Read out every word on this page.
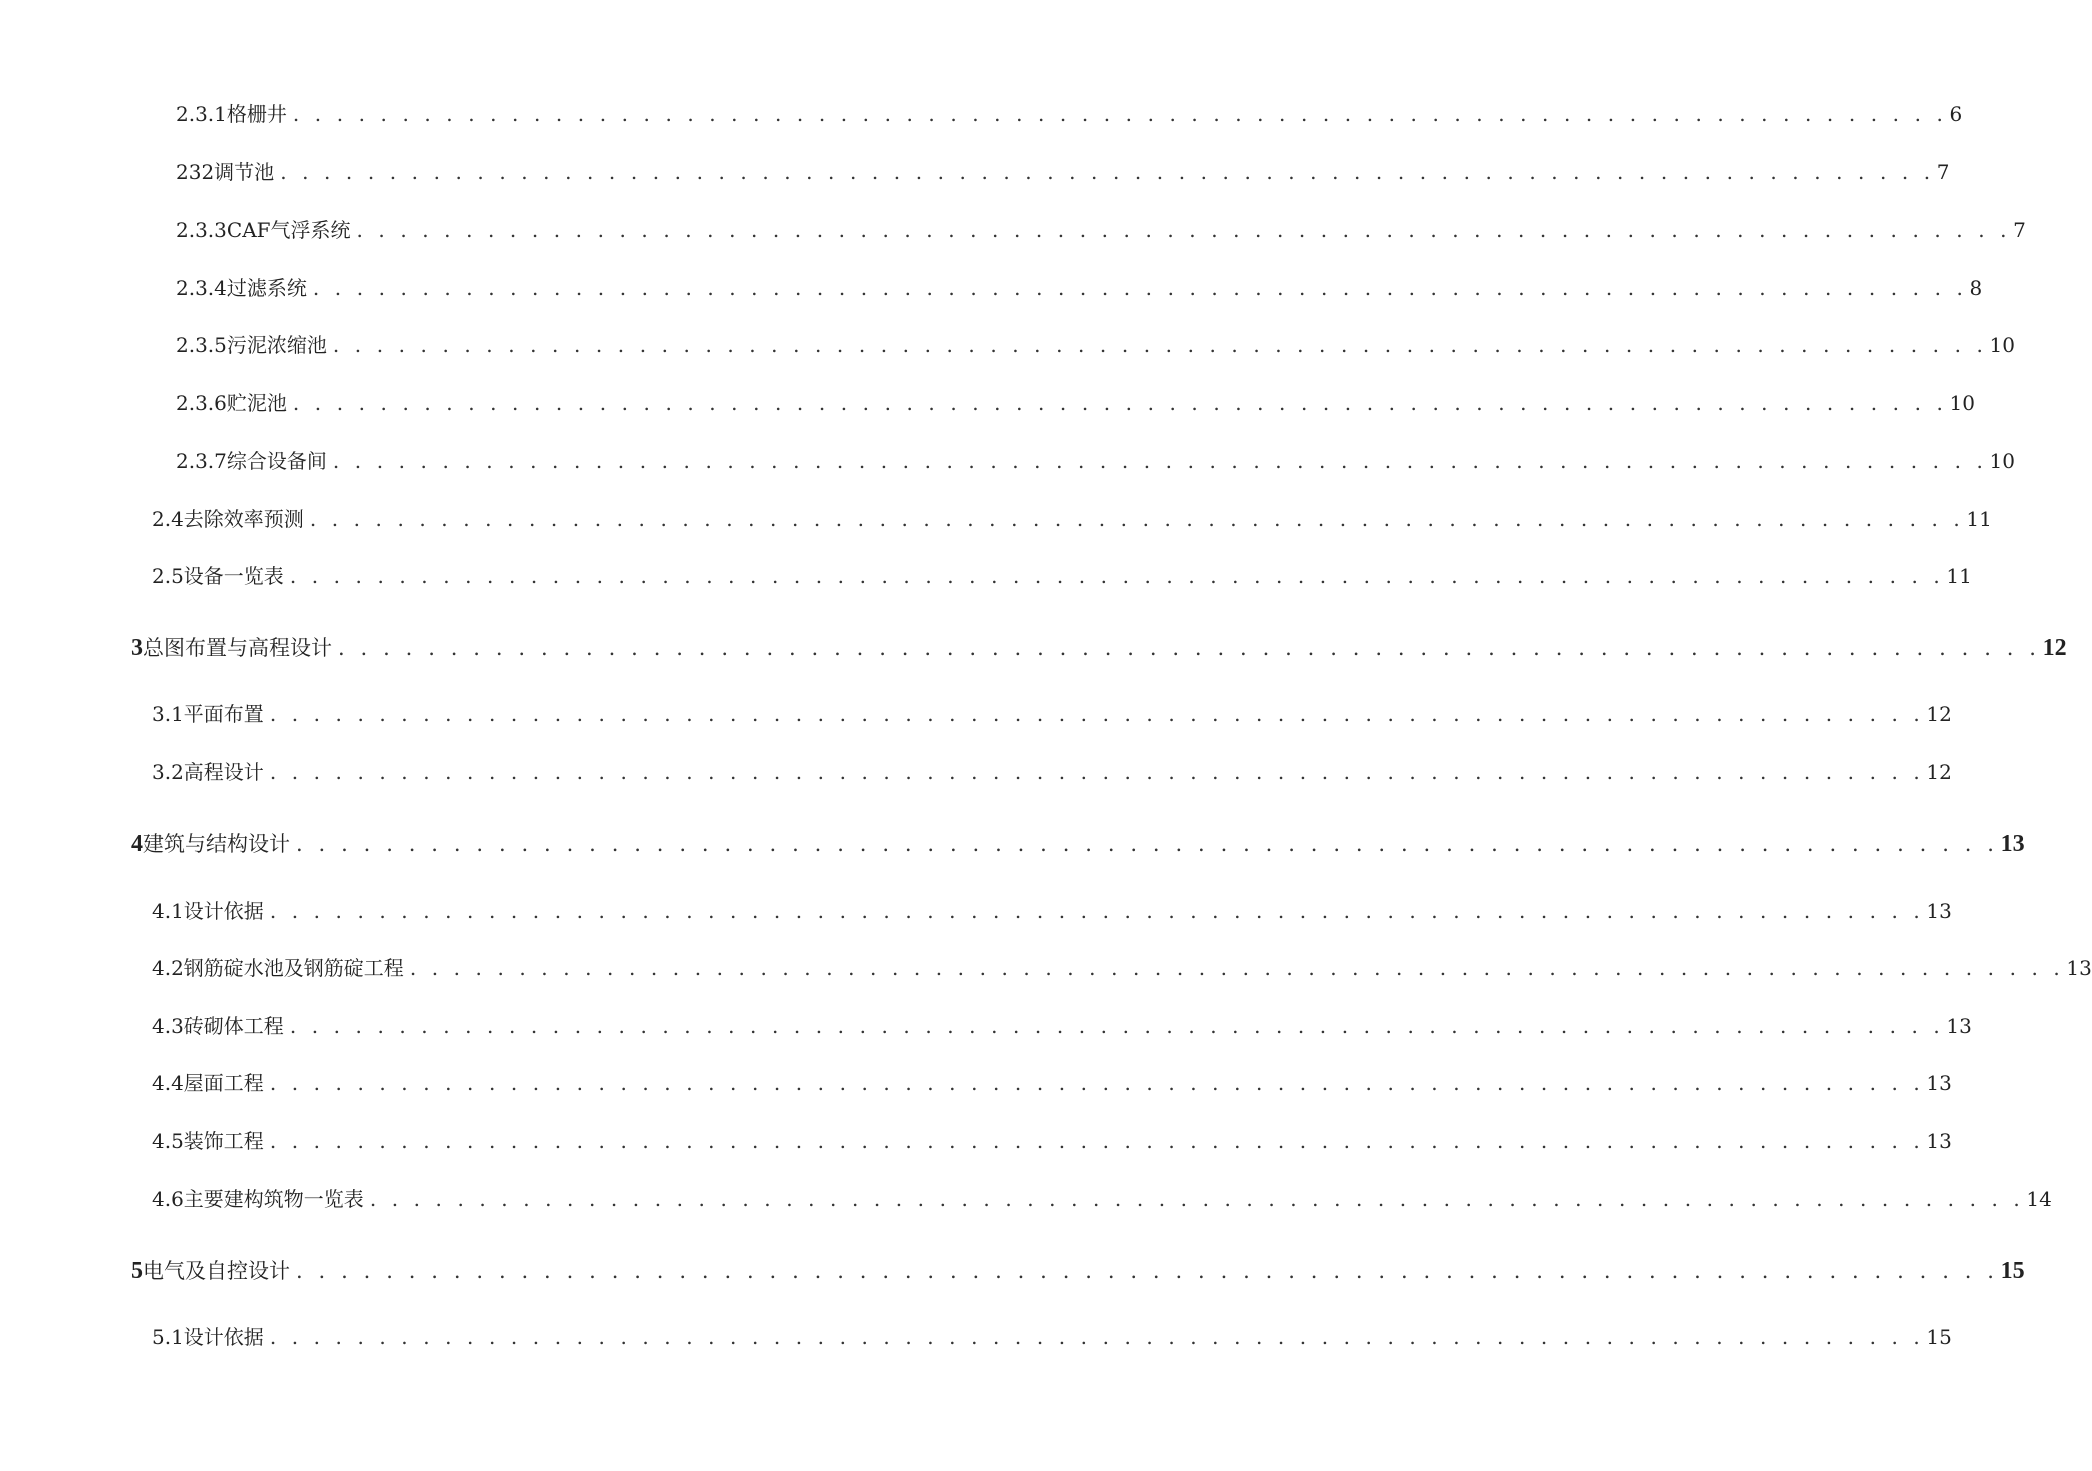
2.3.1格栅井 . . . . . . . . . . . . . . . . . . . . . . . . . . . . . . . . . . . . . . . . . . . . . . . . . . . . . . . . . . . . . . . . . . . . . . . . . . . . 6
232调节池 . . . . . . . . . . . . . . . . . . . . . . . . . . . . . . . . . . . . . . . . . . . . . . . . . . . . . . . . . . . . . . . . . . . . . . . . . . . . 7
2.3.3CAF气浮系统 . . . . . . . . . . . . . . . . . . . . . . . . . . . . . . . . . . . . . . . . . . . . . . . . . . . . . . . . . . . . . . . . . . . . . . . . . . . . 7
2.3.4过滤系统 . . . . . . . . . . . . . . . . . . . . . . . . . . . . . . . . . . . . . . . . . . . . . . . . . . . . . . . . . . . . . . . . . . . . . . . . . . . . 8
2.3.5污泥浓缩池 . . . . . . . . . . . . . . . . . . . . . . . . . . . . . . . . . . . . . . . . . . . . . . . . . . . . . . . . . . . . . . . . . . . . . . . . . . . . 10
2.3.6贮泥池 . . . . . . . . . . . . . . . . . . . . . . . . . . . . . . . . . . . . . . . . . . . . . . . . . . . . . . . . . . . . . . . . . . . . . . . . . . . . 10
2.3.7综合设备间 . . . . . . . . . . . . . . . . . . . . . . . . . . . . . . . . . . . . . . . . . . . . . . . . . . . . . . . . . . . . . . . . . . . . . . . . . . . . 10
2.4去除效率预测 . . . . . . . . . . . . . . . . . . . . . . . . . . . . . . . . . . . . . . . . . . . . . . . . . . . . . . . . . . . . . . . . . . . . . . . . . . . . 11
2.5设备一览表 . . . . . . . . . . . . . . . . . . . . . . . . . . . . . . . . . . . . . . . . . . . . . . . . . . . . . . . . . . . . . . . . . . . . . . . . . . . . 11
3总图布置与高程设计 . . . . . . . . . . . . . . . . . . . . . . . . . . . . . . . . . . . . . . . . . . . . . . . . . . . . . . . . . . . . . . . . . . . . . . . . . . . . 12
3.1平面布置 . . . . . . . . . . . . . . . . . . . . . . . . . . . . . . . . . . . . . . . . . . . . . . . . . . . . . . . . . . . . . . . . . . . . . . . . . . . . 12
3.2高程设计 . . . . . . . . . . . . . . . . . . . . . . . . . . . . . . . . . . . . . . . . . . . . . . . . . . . . . . . . . . . . . . . . . . . . . . . . . . . . 12
4建筑与结构设计 . . . . . . . . . . . . . . . . . . . . . . . . . . . . . . . . . . . . . . . . . . . . . . . . . . . . . . . . . . . . . . . . . . . . . . . . . . . . 13
4.1设计依据 . . . . . . . . . . . . . . . . . . . . . . . . . . . . . . . . . . . . . . . . . . . . . . . . . . . . . . . . . . . . . . . . . . . . . . . . . . . . 13
4.2钢筋碇水池及钢筋碇工程 . . . . . . . . . . . . . . . . . . . . . . . . . . . . . . . . . . . . . . . . . . . . . . . . . . . . . . . . . . . . . . . . . . . . . . . . . . . . 13
4.3砖砌体工程 . . . . . . . . . . . . . . . . . . . . . . . . . . . . . . . . . . . . . . . . . . . . . . . . . . . . . . . . . . . . . . . . . . . . . . . . . . . . 13
4.4屋面工程 . . . . . . . . . . . . . . . . . . . . . . . . . . . . . . . . . . . . . . . . . . . . . . . . . . . . . . . . . . . . . . . . . . . . . . . . . . . . 13
4.5装饰工程 . . . . . . . . . . . . . . . . . . . . . . . . . . . . . . . . . . . . . . . . . . . . . . . . . . . . . . . . . . . . . . . . . . . . . . . . . . . . 13
4.6主要建构筑物一览表 . . . . . . . . . . . . . . . . . . . . . . . . . . . . . . . . . . . . . . . . . . . . . . . . . . . . . . . . . . . . . . . . . . . . . . . . . . . . 14
5电气及自控设计 . . . . . . . . . . . . . . . . . . . . . . . . . . . . . . . . . . . . . . . . . . . . . . . . . . . . . . . . . . . . . . . . . . . . . . . . . . . . 15
5.1设计依据 . . . . . . . . . . . . . . . . . . . . . . . . . . . . . . . . . . . . . . . . . . . . . . . . . . . . . . . . . . . . . . . . . . . . . . . . . . . . 15
